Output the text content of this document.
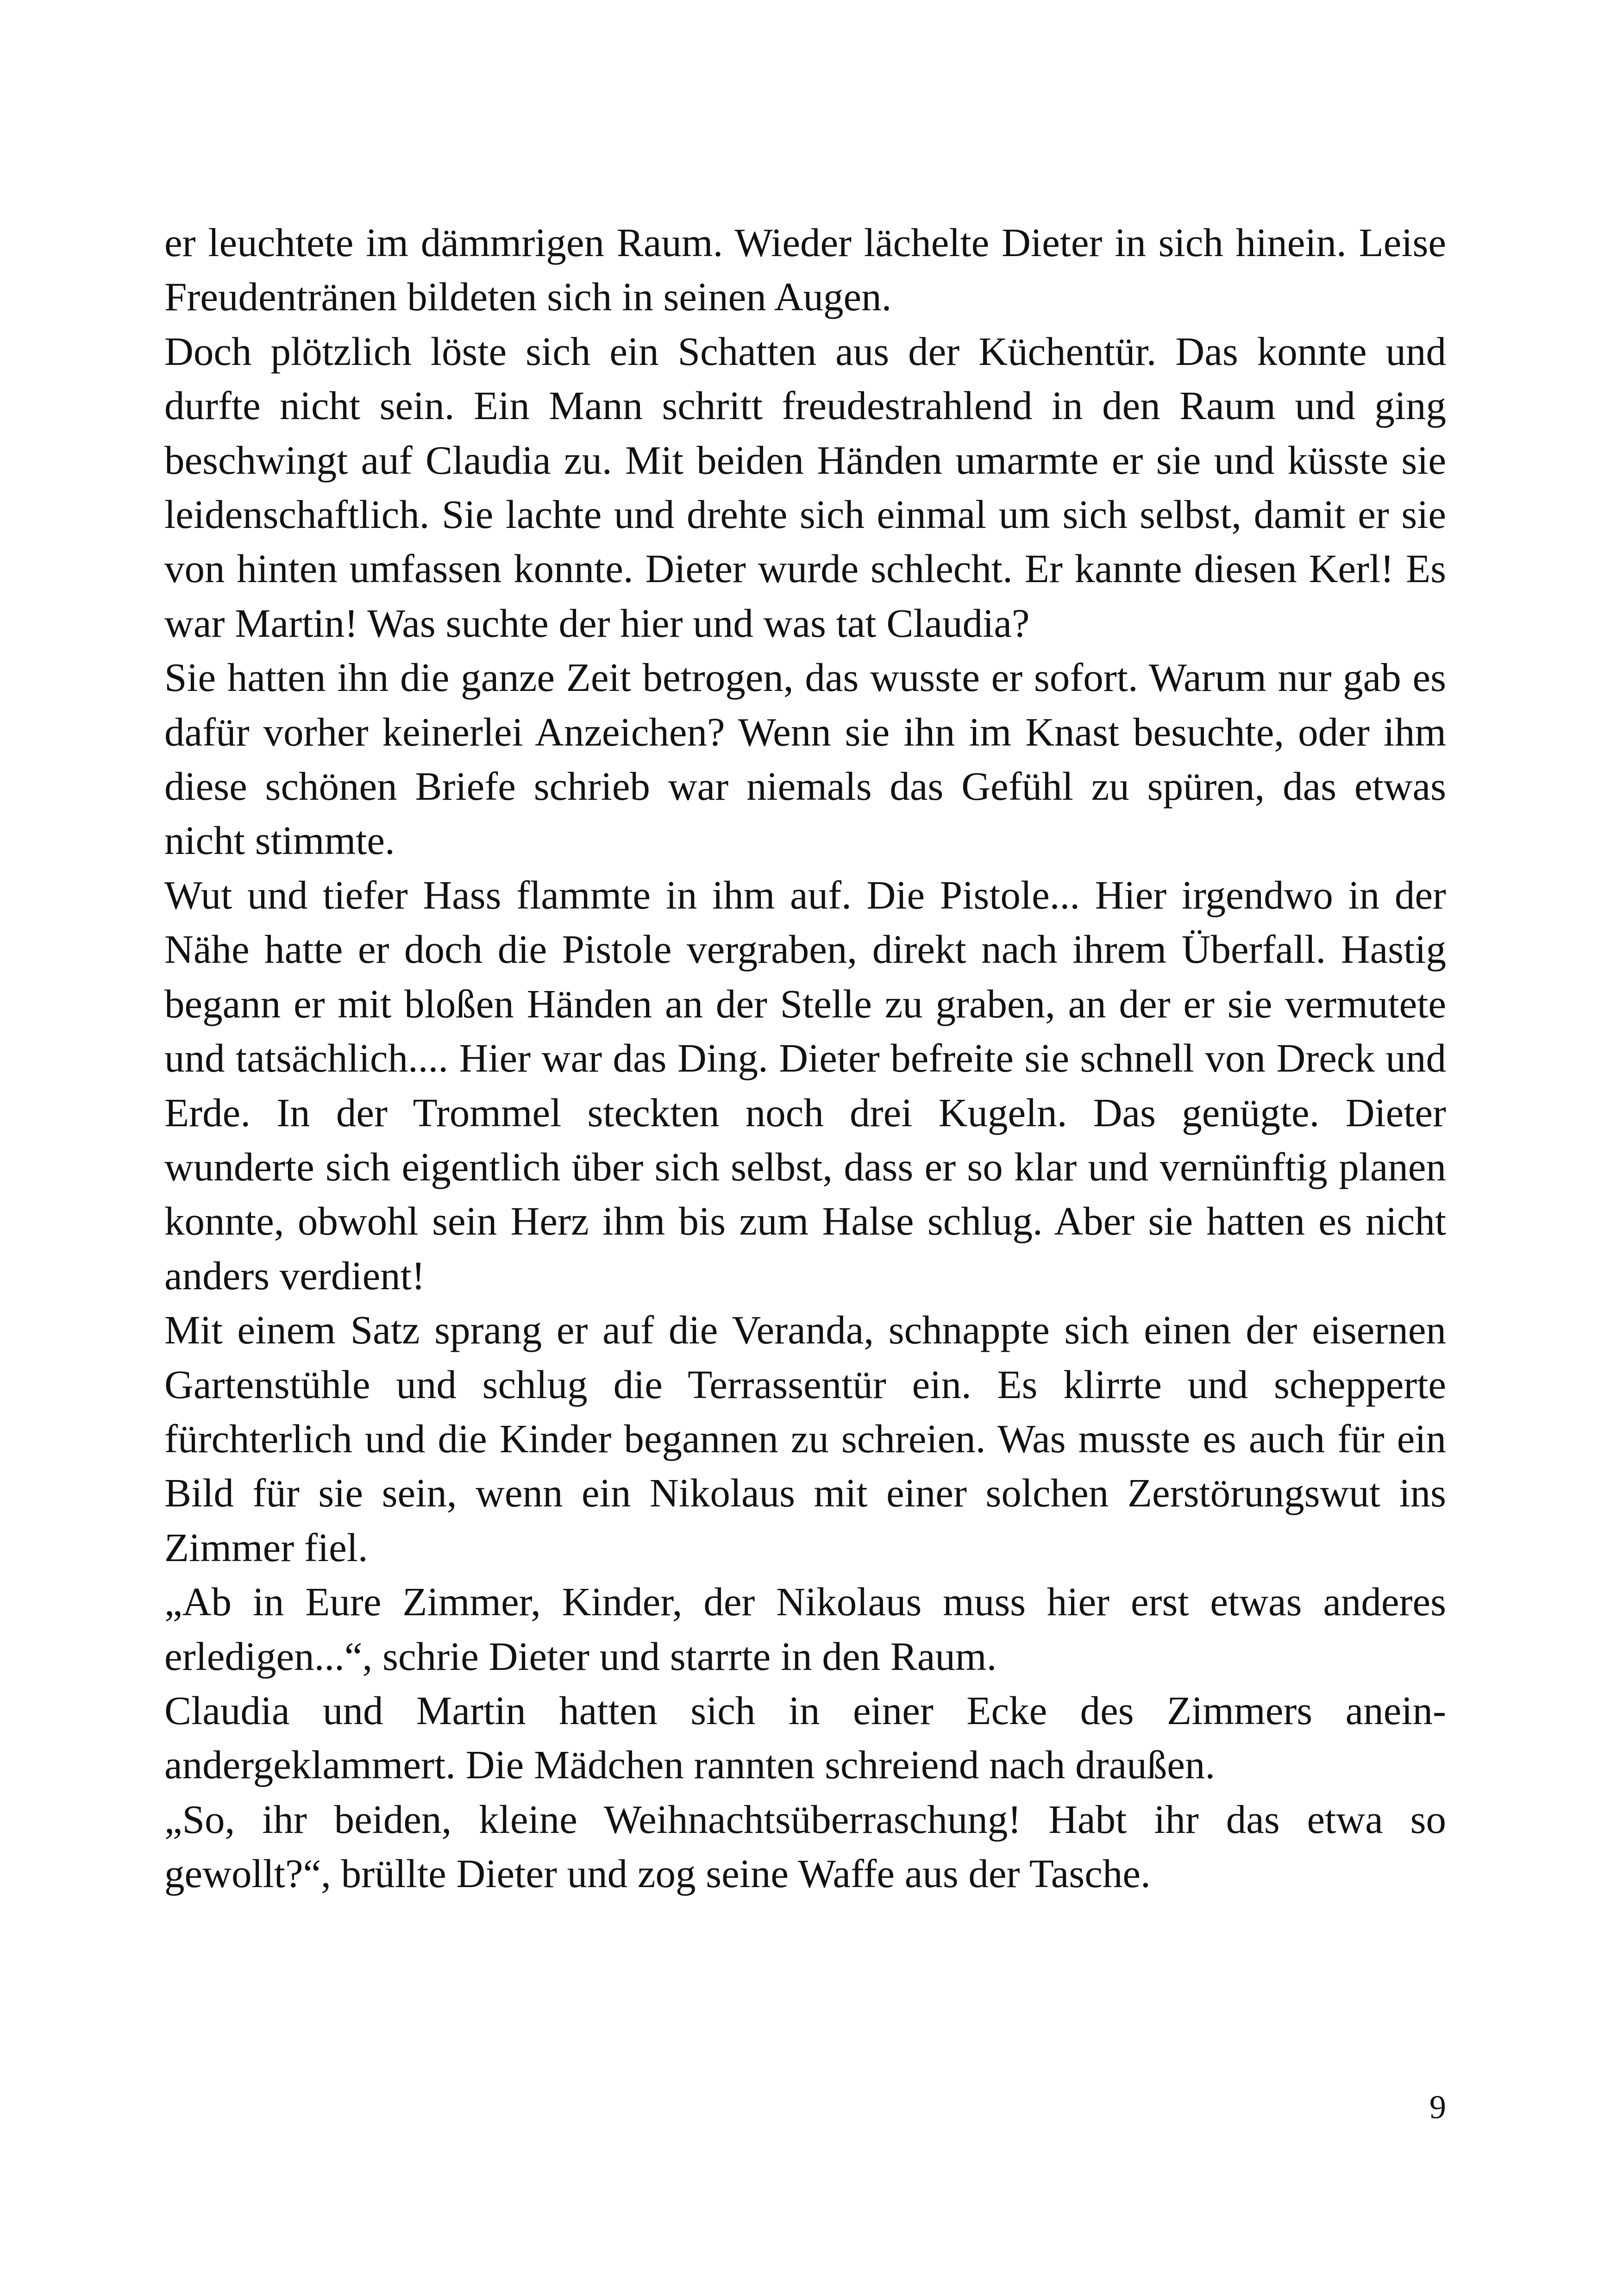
er leuchtete im dämmrigen Raum. Wieder lächelte Dieter in sich hinein. Leise Freudentränen bildeten sich in seinen Augen.

Doch plötzlich löste sich ein Schatten aus der Küchentür. Das konnte und durfte nicht sein. Ein Mann schritt freudestrahlend in den Raum und ging beschwingt auf Claudia zu. Mit beiden Händen umarmte er sie und küsste sie leidenschaftlich. Sie lachte und drehte sich einmal um sich selbst, damit er sie von hinten umfassen konnte. Dieter wurde schlecht. Er kannte diesen Kerl! Es war Martin! Was suchte der hier und was tat Claudia?

Sie hatten ihn die ganze Zeit betrogen, das wusste er sofort. Warum nur gab es dafür vorher keinerlei Anzeichen? Wenn sie ihn im Knast besuchte, oder ihm diese schönen Briefe schrieb war niemals das Gefühl zu spüren, das etwas nicht stimmte.

Wut und tiefer Hass flammte in ihm auf. Die Pistole... Hier irgendwo in der Nähe hatte er doch die Pistole vergraben, direkt nach ihrem Überfall. Hastig begann er mit bloßen Händen an der Stelle zu graben, an der er sie vermutete und tatsächlich.... Hier war das Ding. Dieter befreite sie schnell von Dreck und Erde. In der Trommel steckten noch drei Kugeln. Das genügte. Dieter wunderte sich eigentlich über sich selbst, dass er so klar und vernünftig planen konnte, obwohl sein Herz ihm bis zum Halse schlug. Aber sie hatten es nicht anders verdient!

Mit einem Satz sprang er auf die Veranda, schnappte sich einen der eisernen Gartenstühle und schlug die Terrassentür ein. Es klirrte und schepperte fürchterlich und die Kinder begannen zu schreien. Was musste es auch für ein Bild für sie sein, wenn ein Nikolaus mit einer solchen Zerstörungswut ins Zimmer fiel.

„Ab in Eure Zimmer, Kinder, der Nikolaus muss hier erst etwas anderes erledigen...“, schrie Dieter und starrte in den Raum.

Claudia und Martin hatten sich in einer Ecke des Zimmers aneinandergeklammert. Die Mädchen rannten schreiend nach draußen.

„So, ihr beiden, kleine Weihnachtsüberraschung! Habt ihr das etwa so gewollt?“, brüllte Dieter und zog seine Waffe aus der Tasche.

9
